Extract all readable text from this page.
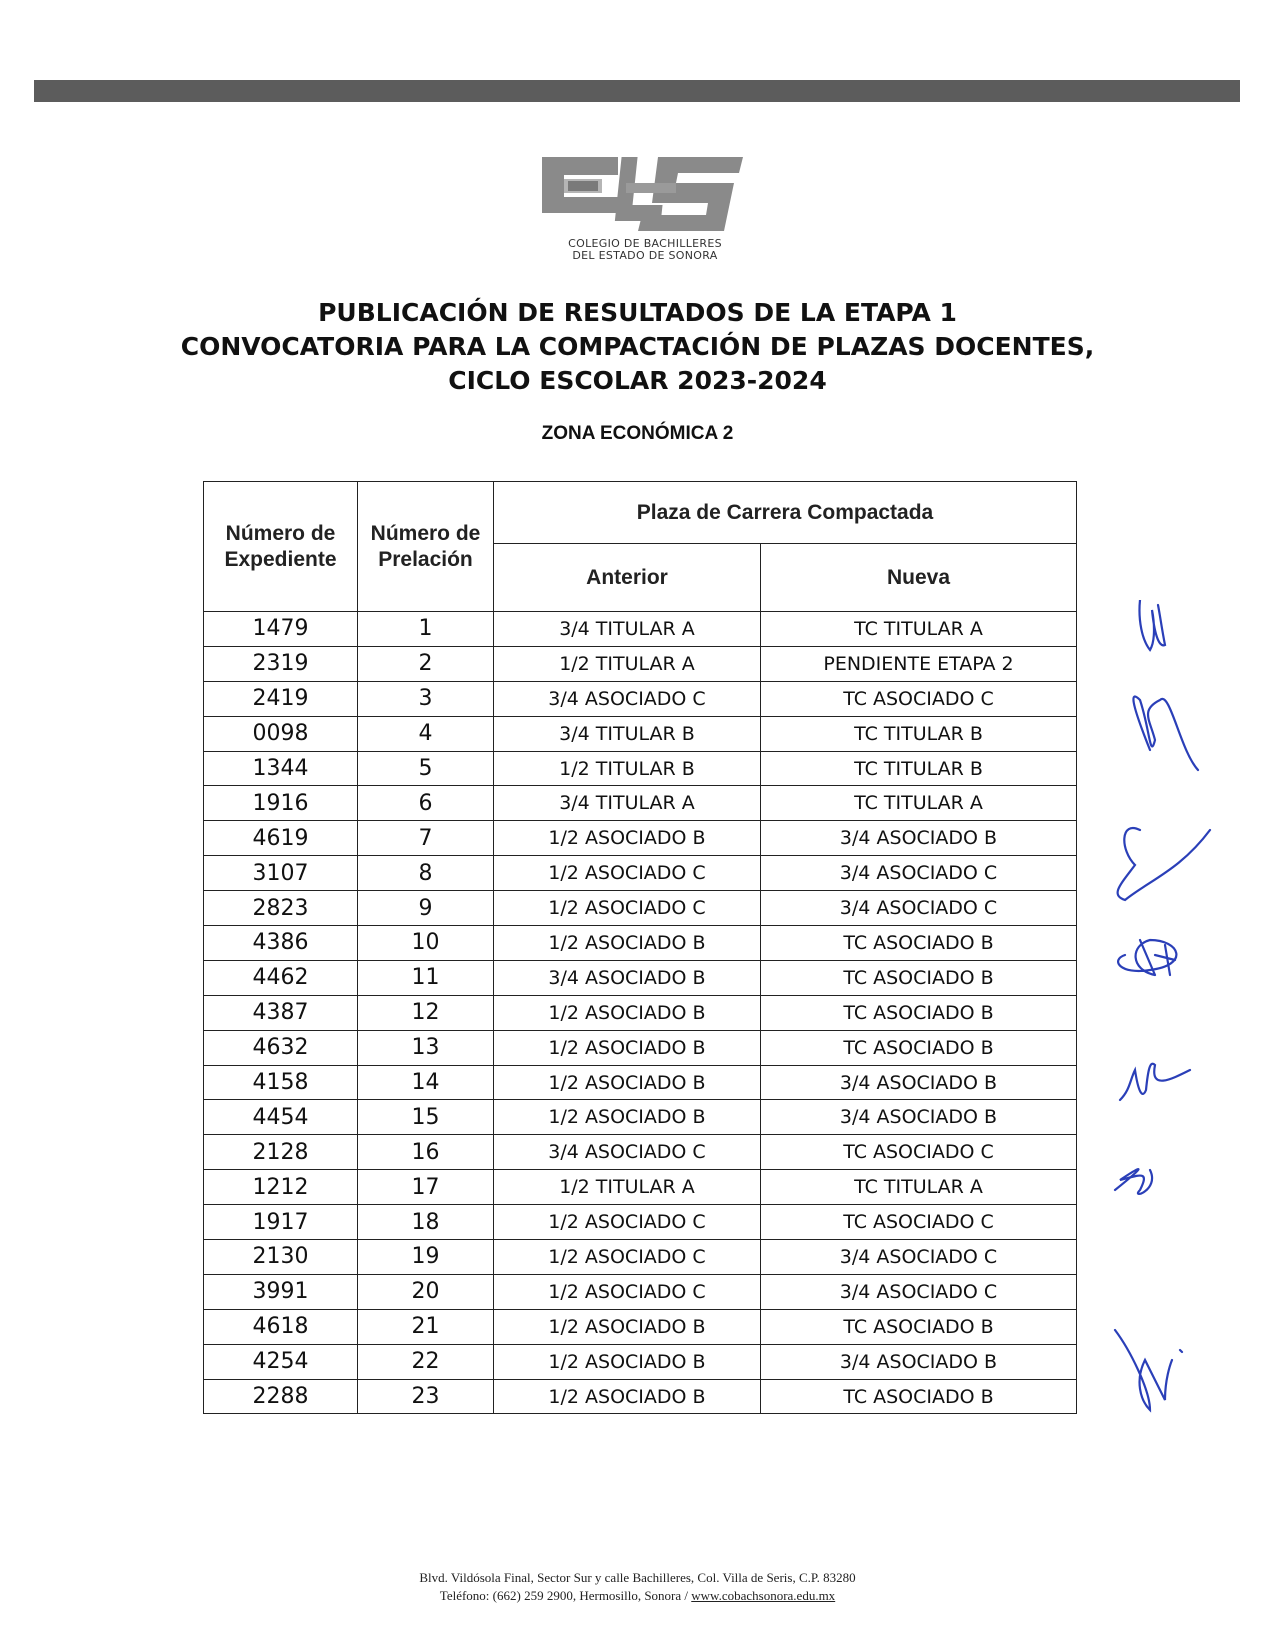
COLEGIO DE BACHILLERES
DEL ESTADO DE SONORA
PUBLICACIÓN DE RESULTADOS DE LA ETAPA 1
CONVOCATORIA PARA LA COMPACTACIÓN DE PLAZAS DOCENTES,
CICLO ESCOLAR 2023-2024
ZONA ECONÓMICA 2
Número de Expediente	Número de Prelación	Plaza de Carrera Compactada	
		Anterior	Nueva
1479	1	3/4 TITULAR A	TC TITULAR A
2319	2	1/2 TITULAR A	PENDIENTE ETAPA 2
2419	3	3/4 ASOCIADO C	TC ASOCIADO C
0098	4	3/4 TITULAR B	TC TITULAR B
1344	5	1/2 TITULAR B	TC TITULAR B
1916	6	3/4 TITULAR A	TC TITULAR A
4619	7	1/2 ASOCIADO B	3/4 ASOCIADO B
3107	8	1/2 ASOCIADO C	3/4 ASOCIADO C
2823	9	1/2 ASOCIADO C	3/4 ASOCIADO C
4386	10	1/2 ASOCIADO B	TC ASOCIADO B
4462	11	3/4 ASOCIADO B	TC ASOCIADO B
4387	12	1/2 ASOCIADO B	TC ASOCIADO B
4632	13	1/2 ASOCIADO B	TC ASOCIADO B
4158	14	1/2 ASOCIADO B	3/4 ASOCIADO B
4454	15	1/2 ASOCIADO B	3/4 ASOCIADO B
2128	16	3/4 ASOCIADO C	TC ASOCIADO C
1212	17	1/2 TITULAR A	TC TITULAR A
1917	18	1/2 ASOCIADO C	TC ASOCIADO C
2130	19	1/2 ASOCIADO C	3/4 ASOCIADO C
3991	20	1/2 ASOCIADO C	3/4 ASOCIADO C
4618	21	1/2 ASOCIADO B	TC ASOCIADO B
4254	22	1/2 ASOCIADO B	3/4 ASOCIADO B
2288	23	1/2 ASOCIADO B	TC ASOCIADO B
Blvd. Vildósola Final, Sector Sur y calle Bachilleres, Col. Villa de Seris, C.P. 83280
Teléfono: (662) 259 2900, Hermosillo, Sonora / www.cobachsonora.edu.mx
